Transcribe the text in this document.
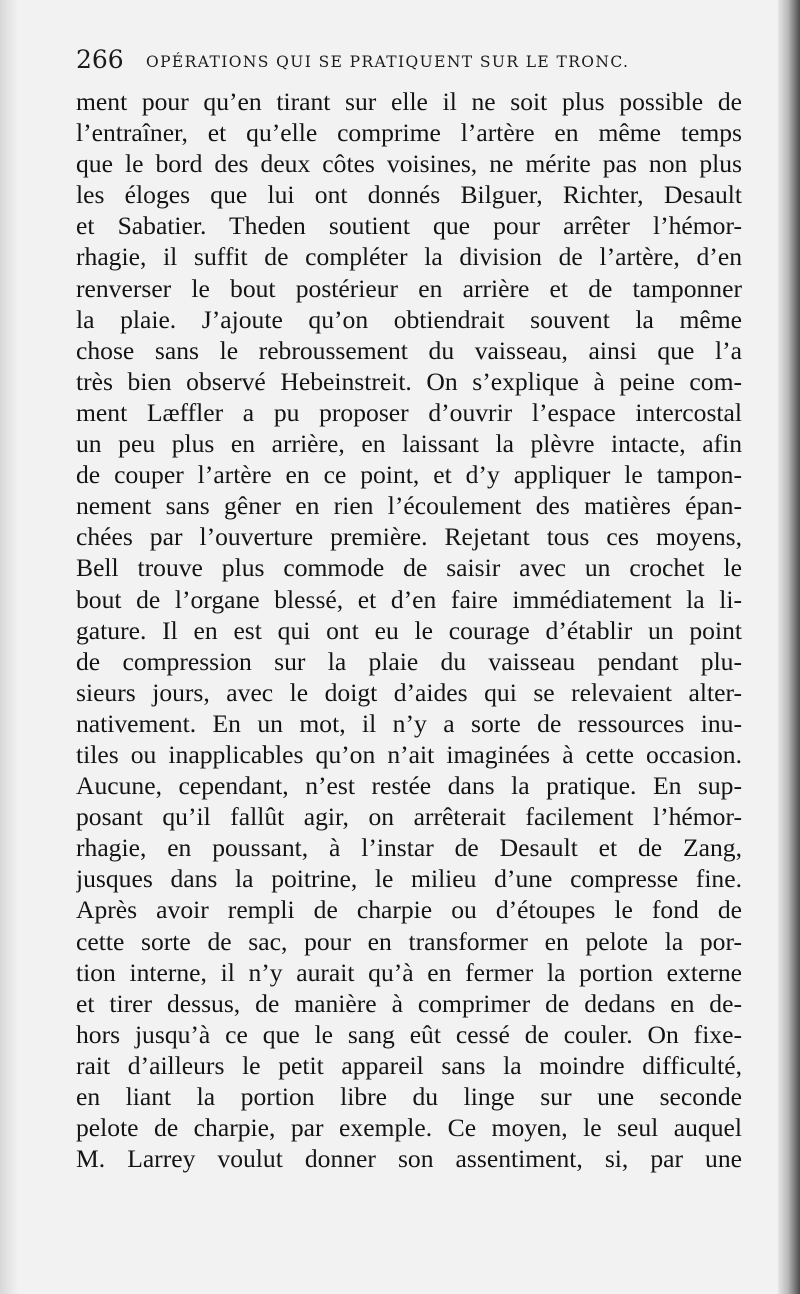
266 OPÉRATIONS QUI SE PRATIQUENT SUR LE TRONC.
ment pour qu’en tirant sur elle il ne soit plus possible de
l’entraîner, et qu’elle comprime l’artère en même temps
que le bord des deux côtes voisines, ne mérite pas non plus
les éloges que lui ont donnés Bilguer, Richter, Desault
et Sabatier. Theden soutient que pour arrêter l’hémor-
rhagie, il suffit de compléter la division de l’artère, d’en
renverser le bout postérieur en arrière et de tamponner
la plaie. J’ajoute qu’on obtiendrait souvent la même
chose sans le rebroussement du vaisseau, ainsi que l’a
très bien observé Hebeinstreit. On s’explique à peine com-
ment Læffler a pu proposer d’ouvrir l’espace intercostal
un peu plus en arrière, en laissant la plèvre intacte, afin
de couper l’artère en ce point, et d’y appliquer le tampon-
nement sans gêner en rien l’écoulement des matières épan-
chées par l’ouverture première. Rejetant tous ces moyens,
Bell trouve plus commode de saisir avec un crochet le
bout de l’organe blessé, et d’en faire immédiatement la li-
gature. Il en est qui ont eu le courage d’établir un point
de compression sur la plaie du vaisseau pendant plu-
sieurs jours, avec le doigt d’aides qui se relevaient alter-
nativement. En un mot, il n’y a sorte de ressources inu-
tiles ou inapplicables qu’on n’ait imaginées à cette occasion.
Aucune, cependant, n’est restée dans la pratique. En sup-
posant qu’il fallût agir, on arrêterait facilement l’hémor-
rhagie, en poussant, à l’instar de Desault et de Zang,
jusques dans la poitrine, le milieu d’une compresse fine.
Après avoir rempli de charpie ou d’étoupes le fond de
cette sorte de sac, pour en transformer en pelote la por-
tion interne, il n’y aurait qu’à en fermer la portion externe
et tirer dessus, de manière à comprimer de dedans en de-
hors jusqu’à ce que le sang eût cessé de couler. On fixe-
rait d’ailleurs le petit appareil sans la moindre difficulté,
en liant la portion libre du linge sur une seconde
pelote de charpie, par exemple. Ce moyen, le seul auquel
M. Larrey voulut donner son assentiment, si, par une
